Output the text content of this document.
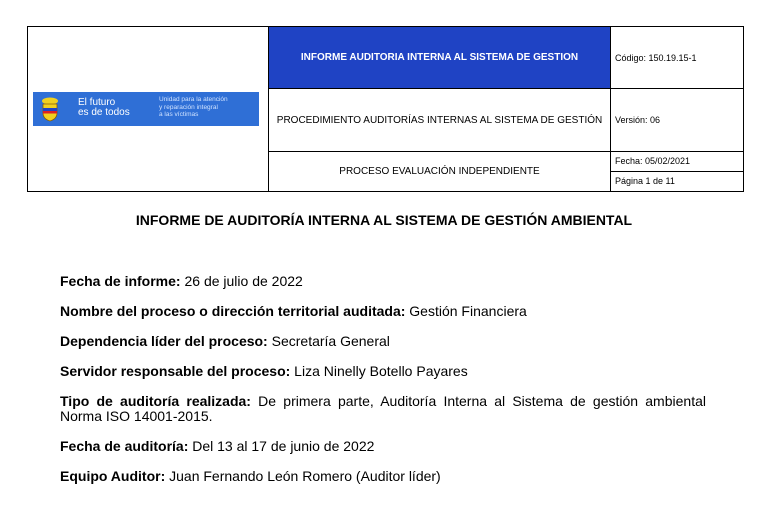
El futuro
es de todos
Unidad para la atención
y reparación integral
a las víctimas	INFORME AUDITORIA INTERNA AL SISTEMA DE GESTION	Código: 150.19.15-1
	PROCEDIMIENTO AUDITORÍAS INTERNAS AL SISTEMA DE GESTIÓN	Versión: 06
	PROCESO EVALUACIÓN INDEPENDIENTE	Fecha: 05/02/2021
Página 1 de 11
INFORME DE AUDITORÍA INTERNA AL SISTEMA DE GESTIÓN AMBIENTAL

Fecha de informe: 26 de julio de 2022

Nombre del proceso o dirección territorial auditada: Gestión Financiera

Dependencia líder del proceso: Secretaría General

Servidor responsable del proceso: Liza Ninelly Botello Payares

Tipo de auditoría realizada: De primera parte, Auditoría Interna al Sistema de gestión ambiental Norma ISO 14001-2015.

Fecha de auditoría: Del 13 al 17 de junio de 2022

Equipo Auditor: Juan Fernando León Romero (Auditor líder)
